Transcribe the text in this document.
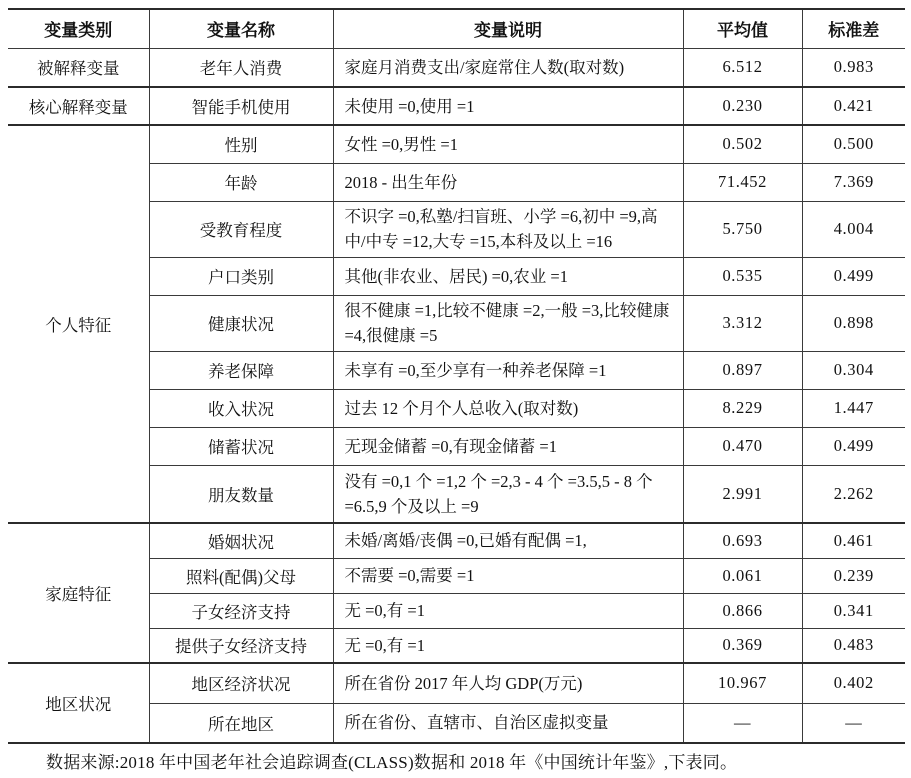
变量类别	变量名称	变量说明	平均值	标准差
被解释变量	老年人消费	家庭月消费支出/家庭常住人数(取对数)	6.512	0.983
核心解释变量	智能手机使用	未使用 =0,使用 =1	0.230	0.421
个人特征	性别	女性 =0,男性 =1	0.502	0.500
	年龄	2018 - 出生年份	71.452	7.369
	受教育程度	不识字 =0,私塾/扫盲班、小学 =6,初中 =9,高中/中专 =12,大专 =15,本科及以上 =16	5.750	4.004
	户口类别	其他(非农业、居民) =0,农业 =1	0.535	0.499
	健康状况	很不健康 =1,比较不健康 =2,一般 =3,比较健康 =4,很健康 =5	3.312	0.898
	养老保障	未享有 =0,至少享有一种养老保障 =1	0.897	0.304
	收入状况	过去 12 个月个人总收入(取对数)	8.229	1.447
	储蓄状况	无现金储蓄 =0,有现金储蓄 =1	0.470	0.499
	朋友数量	没有 =0,1 个 =1,2 个 =2,3 - 4 个 =3.5,5 - 8 个 =6.5,9 个及以上 =9	2.991	2.262
家庭特征	婚姻状况	未婚/离婚/丧偶 =0,已婚有配偶 =1,	0.693	0.461
	照料(配偶)父母	不需要 =0,需要 =1	0.061	0.239
	子女经济支持	无 =0,有 =1	0.866	0.341
	提供子女经济支持	无 =0,有 =1	0.369	0.483
地区状况	地区经济状况	所在省份 2017 年人均 GDP(万元)	10.967	0.402
	所在地区	所在省份、直辖市、自治区虚拟变量	—	—
数据来源:2018 年中国老年社会追踪调查(CLASS)数据和 2018 年《中国统计年鉴》,下表同。
